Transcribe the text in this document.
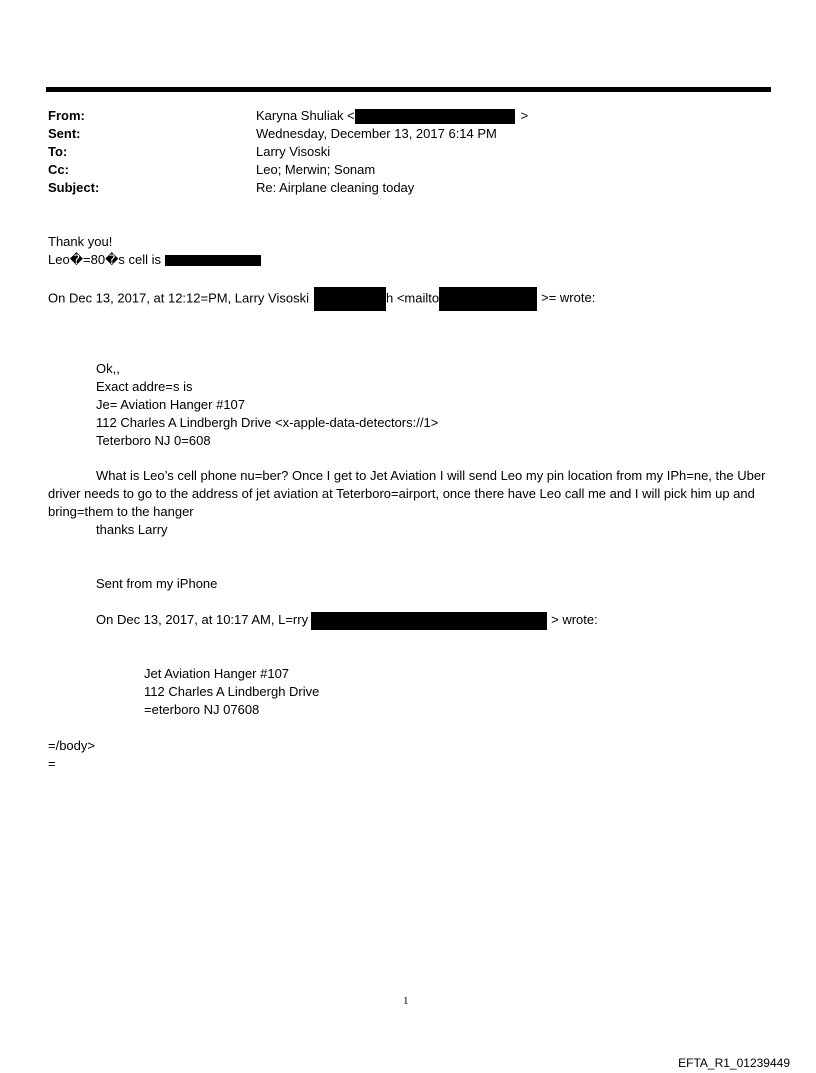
From:	Karyna Shuliak <	>
Sent:	Wednesday, December 13, 2017 6:14 PM
To:	Larry Visoski
Cc:	Leo; Merwin; Sonam
Subject:	Re: Airplane cleaning today
Thank you!
Leo�=80�s cell is
On Dec 13, 2017, at 12:12=PM, Larry Visoski	h <mailto	>= wrote:
Ok,,
Exact addre=s is
Je= Aviation Hanger #107
112 Charles A Lindbergh Drive <x-apple-data-detectors://1>
Teterboro NJ 0=608
What is Leo’s cell phone nu=ber? Once I get to Jet Aviation I will send Leo my pin location from my IPh=ne, the Uber driver needs to go to the address of jet aviation at Teterboro=airport, once there have Leo call me and I will pick him up and bring=them to the hanger
thanks Larry
Sent from my iPhone
On Dec 13, 2017, at 10:17 AM, L=rry	> wrote:
Jet Aviation Hanger #107
112 Charles A Lindbergh Drive
=eterboro NJ 07608
=/body>
=
1
EFTA_R1_01239449
